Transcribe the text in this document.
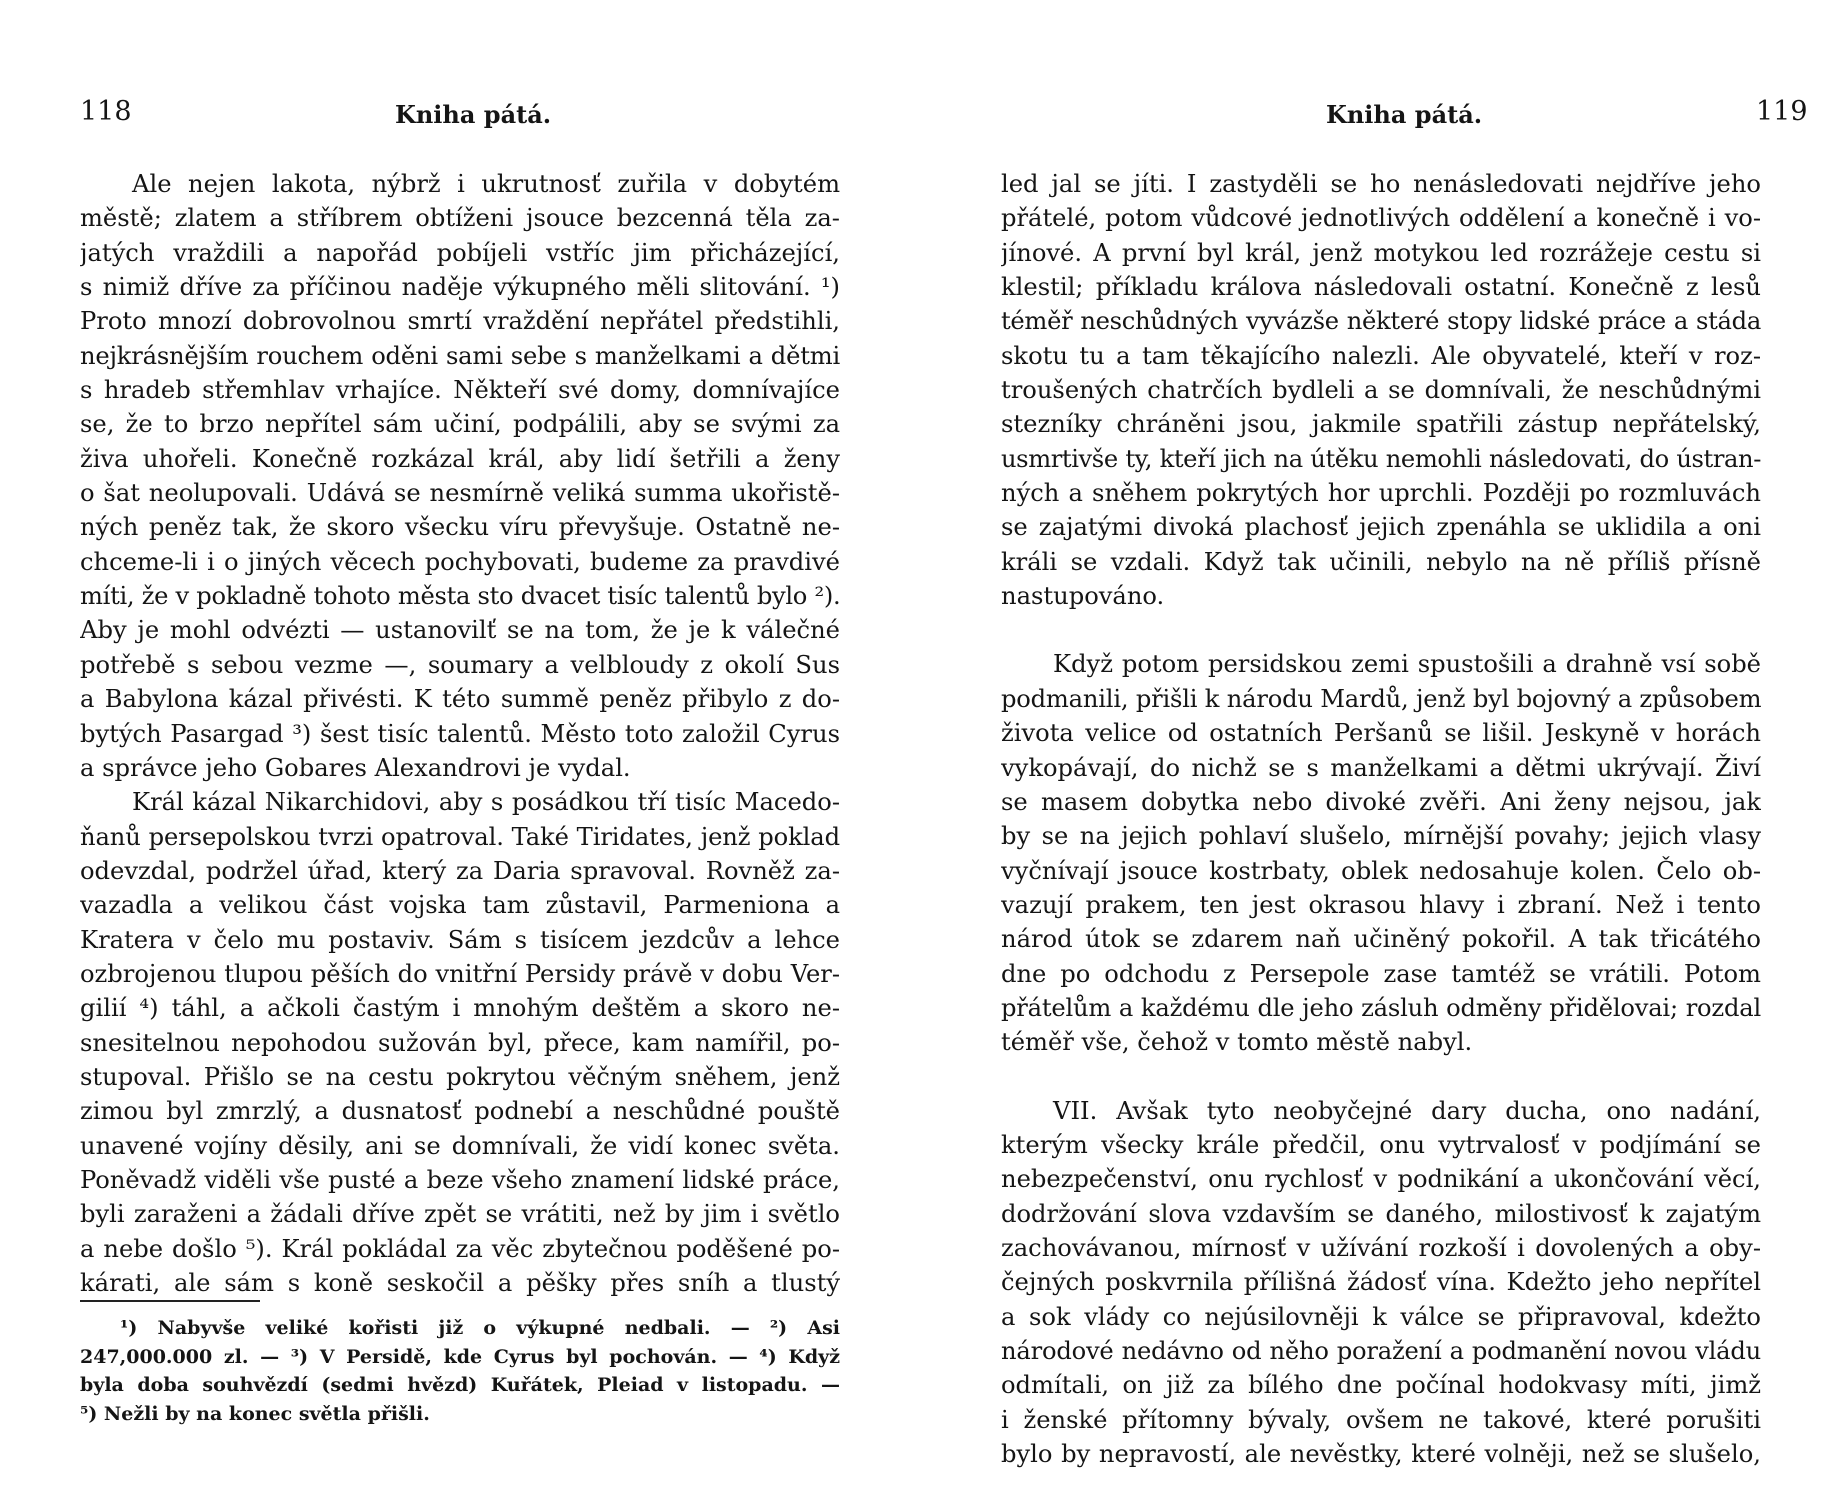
118	Kniha pátá.
Ale nejen lakota, nýbrž i ukrutnosť zuřila v dobytém
městě; zlatem a stříbrem obtíženi jsouce bezcenná těla za-
jatých vraždili a napořád pobíjeli vstříc jim přicházející,
s nimiž dříve za příčinou naděje výkupného měli slitování. ¹)
Proto mnozí dobrovolnou smrtí vraždění nepřátel předstihli,
nejkrásnějším rouchem oděni sami sebe s manželkami a dětmi
s hradeb střemhlav vrhajíce. Někteří své domy, domnívajíce
se, že to brzo nepřítel sám učiní, podpálili, aby se svými za
živa uhořeli. Konečně rozkázal král, aby lidí šetřili a ženy
o šat neolupovali. Udává se nesmírně veliká summa ukořistě-
ných peněz tak, že skoro všecku víru převyšuje. Ostatně ne-
chceme-li i o jiných věcech pochybovati, budeme za pravdivé
míti, že v pokladně tohoto města sto dvacet tisíc talentů bylo ²).
Aby je mohl odvézti — ustanovilť se na tom, že je k válečné
potřebě s sebou vezme —, soumary a velbloudy z okolí Sus
a Babylona kázal přivésti. K této summě peněz přibylo z do-
bytých Pasargad ³) šest tisíc talentů. Město toto založil Cyrus
a správce jeho Gobares Alexandrovi je vydal.
Král kázal Nikarchidovi, aby s posádkou tří tisíc Macedo-
ňanů persepolskou tvrzi opatroval. Také Tiridates, jenž poklad
odevzdal, podržel úřad, který za Daria spravoval. Rovněž za-
vazadla a velikou část vojska tam zůstavil, Parmeniona a
Kratera v čelo mu postaviv. Sám s tisícem jezdcův a lehce
ozbrojenou tlupou pěších do vnitřní Persidy právě v dobu Ver-
gilií ⁴) táhl, a ačkoli častým i mnohým deštěm a skoro ne-
snesitelnou nepohodou sužován byl, přece, kam namířil, po-
stupoval. Přišlo se na cestu pokrytou věčným sněhem, jenž
zimou byl zmrzlý, a dusnatosť podnebí a neschůdné pouště
unavené vojíny děsily, ani se domnívali, že vidí konec světa.
Poněvadž viděli vše pusté a beze všeho znamení lidské práce,
byli zaraženi a žádali dříve zpět se vrátiti, než by jim i světlo
a nebe došlo ⁵). Král pokládal za věc zbytečnou poděšené po-
kárati, ale sám s koně seskočil a pěšky přes sníh a tlustý
¹) Nabyvše veliké kořisti již o výkupné nedbali. — ²) Asi
247,000.000 zl. — ³) V Persidě, kde Cyrus byl pochován. — ⁴) Když
byla doba souhvězdí (sedmi hvězd) Kuřátek, Pleiad v listopadu. —
⁵) Nežli by na konec světla přišli.
Kniha pátá.	119
led jal se jíti. I zastyděli se ho nenásledovati nejdříve jeho
přátelé, potom vůdcové jednotlivých oddělení a konečně i vo-
jínové. A první byl král, jenž motykou led rozrážeje cestu si
klestil; příkladu králova následovali ostatní. Konečně z lesů
téměř neschůdných vyvázše některé stopy lidské práce a stáda
skotu tu a tam těkajícího nalezli. Ale obyvatelé, kteří v roz-
troušených chatrčích bydleli a se domnívali, že neschůdnými
stezníky chráněni jsou, jakmile spatřili zástup nepřátelský,
usmrtivše ty, kteří jich na útěku nemohli následovati, do ústran-
ných a sněhem pokrytých hor uprchli. Později po rozmluvách
se zajatými divoká plachosť jejich zpenáhla se uklidila a oni
králi se vzdali. Když tak učinili, nebylo na ně příliš přísně
nastupováno.
Když potom persidskou zemi spustošili a drahně vsí sobě
podmanili, přišli k národu Mardů, jenž byl bojovný a způsobem
života velice od ostatních Peršanů se lišil. Jeskyně v horách
vykopávají, do nichž se s manželkami a dětmi ukrývají. Živí
se masem dobytka nebo divoké zvěři. Ani ženy nejsou, jak
by se na jejich pohlaví slušelo, mírnější povahy; jejich vlasy
vyčnívají jsouce kostrbaty, oblek nedosahuje kolen. Čelo ob-
vazují prakem, ten jest okrasou hlavy i zbraní. Než i tento
národ útok se zdarem naň učiněný pokořil. A tak třicátého
dne po odchodu z Persepole zase tamtéž se vrátili. Potom
přátelům a každému dle jeho zásluh odměny přidělovai; rozdal
téměř vše, čehož v tomto městě nabyl.
VII. Avšak tyto neobyčejné dary ducha, ono nadání,
kterým všecky krále předčil, onu vytrvalosť v podjímání se
nebezpečenství, onu rychlosť v podnikání a ukončování věcí,
dodržování slova vzdavším se daného, milostivosť k zajatým
zachovávanou, mírnosť v užívání rozkoší i dovolených a oby-
čejných poskvrnila přílišná žádosť vína. Kdežto jeho nepřítel
a sok vlády co nejúsilovněji k válce se připravoval, kdežto
národové nedávno od něho poražení a podmanění novou vládu
odmítali, on již za bílého dne počínal hodokvasy míti, jimž
i ženské přítomny bývaly, ovšem ne takové, které porušiti
bylo by nepravostí, ale nevěstky, které volněji, než se slušelo,
